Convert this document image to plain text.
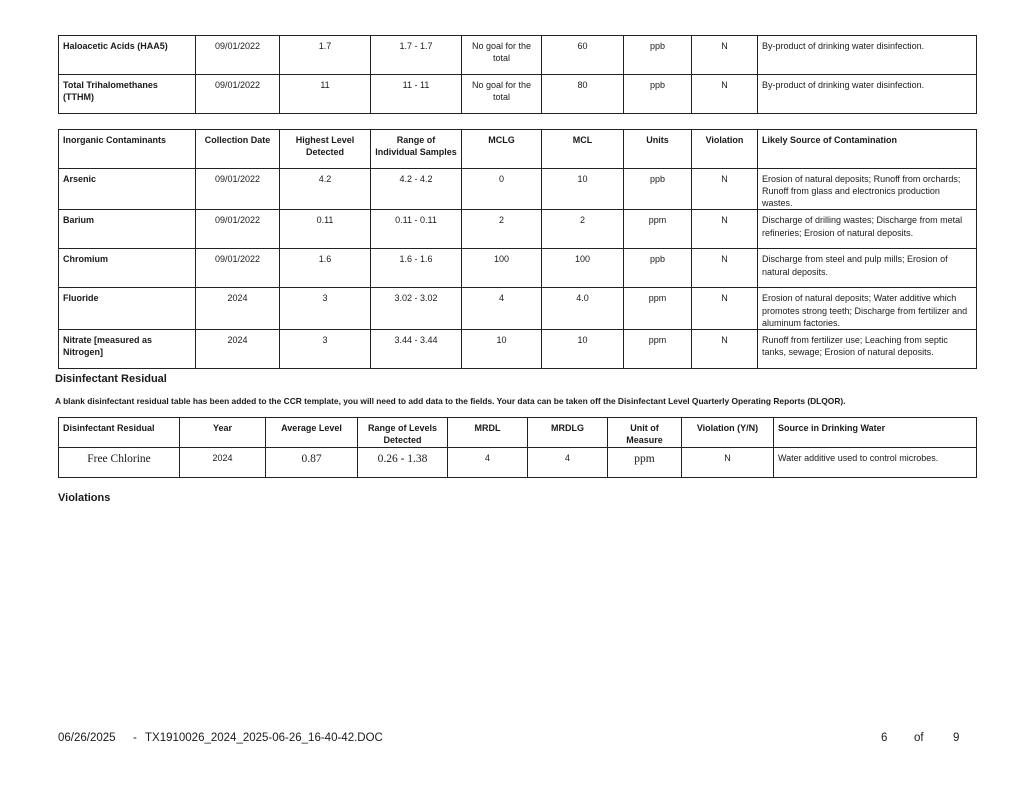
Haloacetic Acids (HAA5)	09/01/2022	1.7	1.7 - 1.7	No goal for the total	60	ppb	N	By-product of drinking water disinfection.
Total Trihalomethanes (TTHM)	09/01/2022	11	11 - 11	No goal for the total	80	ppb	N	By-product of drinking water disinfection.
Inorganic Contaminants	Collection Date	Highest Level Detected	Range of Individual Samples	MCLG	MCL	Units	Violation	Likely Source of Contamination
Arsenic	09/01/2022	4.2	4.2 - 4.2	0	10	ppb	N	Erosion of natural deposits; Runoff from orchards; Runoff from glass and electronics production wastes.
Barium	09/01/2022	0.11	0.11 - 0.11	2	2	ppm	N	Discharge of drilling wastes; Discharge from metal refineries; Erosion of natural deposits.
Chromium	09/01/2022	1.6	1.6 - 1.6	100	100	ppb	N	Discharge from steel and pulp mills; Erosion of natural deposits.
Fluoride	2024	3	3.02 - 3.02	4	4.0	ppm	N	Erosion of natural deposits; Water additive which promotes strong teeth; Discharge from fertilizer and aluminum factories.
Nitrate [measured as Nitrogen]	2024	3	3.44 - 3.44	10	10	ppm	N	Runoff from fertilizer use; Leaching from septic tanks, sewage; Erosion of natural deposits.
Disinfectant Residual
A blank disinfectant residual table has been added to the CCR template, you will need to add data to the fields. Your data can be taken off the Disinfectant Level Quarterly Operating Reports (DLQOR).
Disinfectant Residual	Year	Average Level	Range of Levels Detected	MRDL	MRDLG	Unit of Measure	Violation (Y/N)	Source in Drinking Water
Free Chlorine	2024	0.87	0.26 - 1.38	4	4	ppm	N	Water additive used to control microbes.
Violations
06/26/2025 - TX1910026_2024_2025-06-26_16-40-42.DOC	6 of	9
